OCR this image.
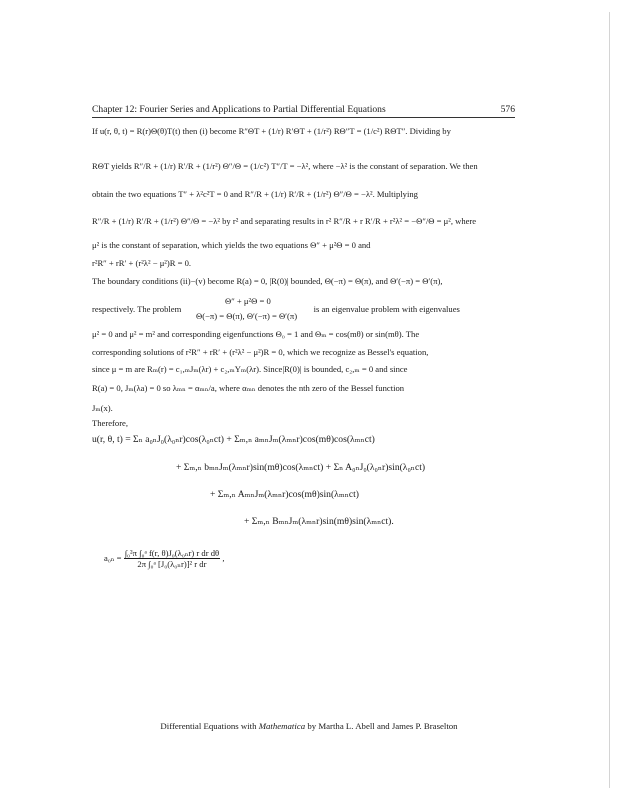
Chapter 12: Fourier Series and Applications to Partial Differential Equations	576
If u(r, θ, t) = R(r)Θ(θ)T(t) then (i) become R″ΘT + (1/r) R′ΘT + (1/r²) RΘ″T = (1/c²) RΘT″. Dividing by
RΘT yields R″/R + (1/r) R′/R + (1/r²) Θ″/Θ = (1/c²) T″/T = −λ², where −λ² is the constant of separation. We then
obtain the two equations T″ + λ²c²T = 0 and R″/R + (1/r) R′/R + (1/r²) Θ″/Θ = −λ². Multiplying
R″/R + (1/r) R′/R + (1/r²) Θ″/Θ = −λ² by r² and separating results in r² R″/R + r R′/R + r²λ² = −Θ″/Θ = μ², where
μ² is the constant of separation, which yields the two equations Θ″ + μ²Θ = 0 and
r²R″ + rR′ + (r²λ² − μ²)R = 0.
The boundary conditions (ii)−(v) become R(a) = 0, |R(0)| bounded, Θ(−π) = Θ(π), and Θ′(−π) = Θ′(π),
Θ″ + μ²Θ = 0
respectively. The problem	is an eigenvalue problem with eigenvalues
Θ(−π) = Θ(π), Θ′(−π) = Θ′(π)
μ² = 0 and μ² = m² and corresponding eigenfunctions Θ₀ = 1 and Θₘ = cos(mθ) or sin(mθ). The
corresponding solutions of r²R″ + rR′ + (r²λ² − μ²)R = 0, which we recognize as Bessel's equation,
since μ = m are Rₘ(r) = c₁,ₘJₘ(λr) + c₂,ₘYₘ(λr). Since|R(0)| is bounded, c₂,ₘ = 0 and since
R(a) = 0, Jₘ(λa) = 0 so λₘₙ = αₘₙ/a, where αₘₙ denotes the nth zero of the Bessel function
Jₘ(x).
Therefore,
u(r, θ, t) = Σₙ a₀ₙJ₀(λ₀ₙr)cos(λ₀ₙct) + Σₘ,ₙ aₘₙJₘ(λₘₙr)cos(mθ)cos(λₘₙct)
+ Σₘ,ₙ bₘₙJₘ(λₘₙr)sin(mθ)cos(λₘₙct) + Σₙ A₀ₙJ₀(λ₀ₙr)sin(λ₀ₙct)
+ Σₘ,ₙ AₘₙJₘ(λₘₙr)cos(mθ)sin(λₘₙct)
+ Σₘ,ₙ BₘₙJₘ(λₘₙr)sin(mθ)sin(λₘₙct).
$a_{0n} = \frac{\text{∫₀²π ∫₀ᵃ f(r, θ)J₀(λ₀ₙr) r dr dθ}}{\text{2π ∫₀ᵃ [J₀(λ₀ₙr)]² r dr}}$ ,
Differential Equations with Mathematica by Martha L. Abell and James P. Braselton
